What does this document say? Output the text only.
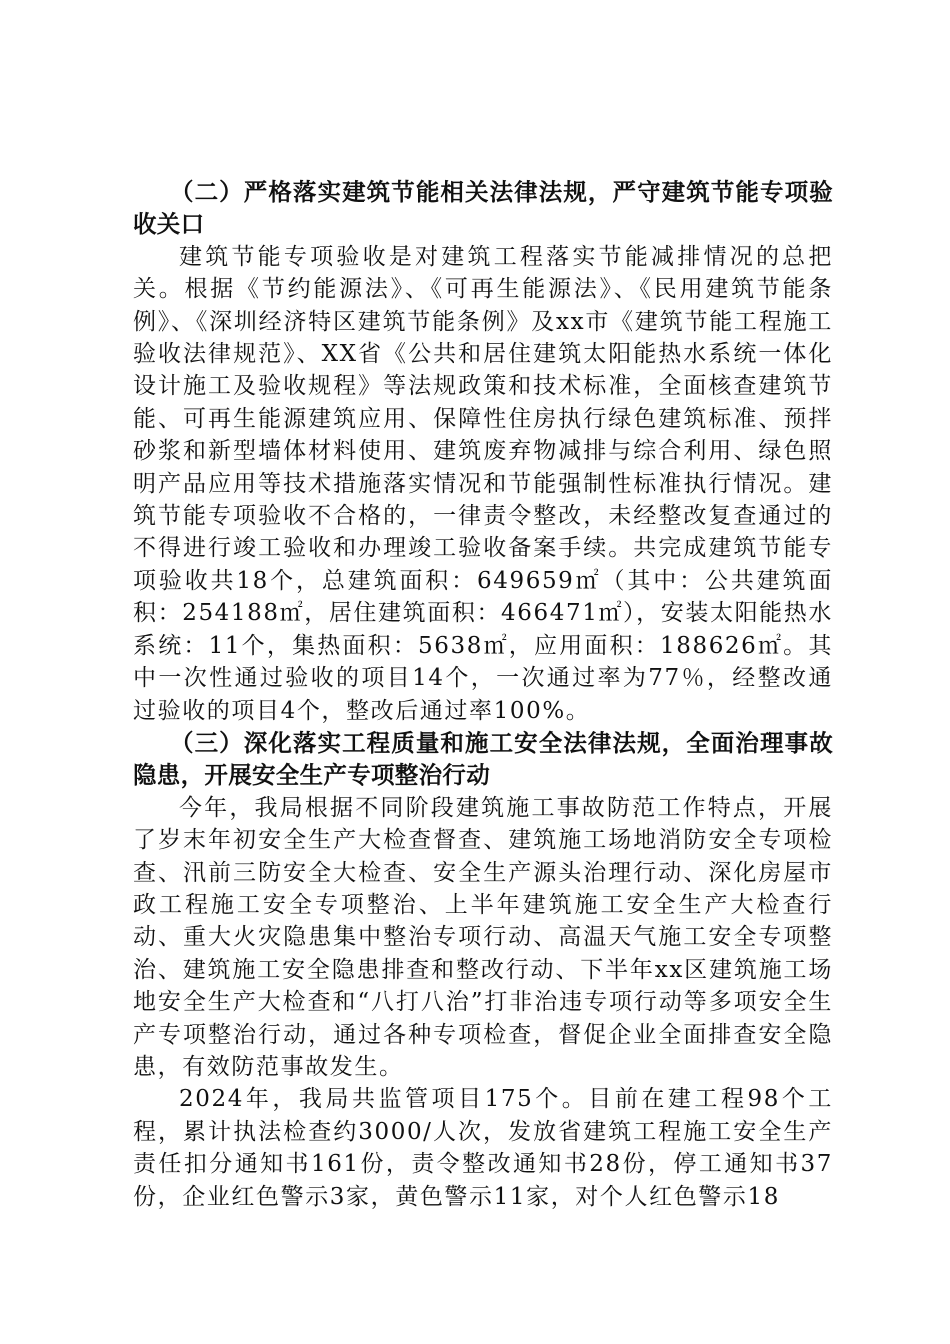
（二）严格落实建筑节能相关法律法规，严守建筑节能专项验收关口

建筑节能专项验收是对建筑工程落实节能减排情况的总把关。根据《节约能源法》、《可再生能源法》、《民用建筑节能条例》、《深圳经济特区建筑节能条例》及xx市《建筑节能工程施工验收法律规范》、XX省《公共和居住建筑太阳能热水系统一体化设计施工及验收规程》等法规政策和技术标准，全面核查建筑节能、可再生能源建筑应用、保障性住房执行绿色建筑标准、预拌砂浆和新型墙体材料使用、建筑废弃物减排与综合利用、绿色照明产品应用等技术措施落实情况和节能强制性标准执行情况。建筑节能专项验收不合格的，一律责令整改，未经整改复查通过的不得进行竣工验收和办理竣工验收备案手续。共完成建筑节能专项验收共18个，总建筑面积：649659㎡（其中：公共建筑面积：254188㎡，居住建筑面积：466471㎡），安装太阳能热水系统：11个，集热面积：5638㎡，应用面积：188626㎡。其中一次性通过验收的项目14个，一次通过率为77％，经整改通过验收的项目4个，整改后通过率100%。

（三）深化落实工程质量和施工安全法律法规，全面治理事故隐患，开展安全生产专项整治行动

今年，我局根据不同阶段建筑施工事故防范工作特点，开展了岁末年初安全生产大检查督查、建筑施工场地消防安全专项检查、汛前三防安全大检查、安全生产源头治理行动、深化房屋市政工程施工安全专项整治、上半年建筑施工安全生产大检查行动、重大火灾隐患集中整治专项行动、高温天气施工安全专项整治、建筑施工安全隐患排查和整改行动、下半年xx区建筑施工场地安全生产大检查和“八打八治”打非治违专项行动等多项安全生产专项整治行动，通过各种专项检查，督促企业全面排查安全隐患，有效防范事故发生。

2024年，我局共监管项目175个。目前在建工程98个工程，累计执法检查约3000/人次，发放省建筑工程施工安全生产责任扣分通知书161份，责令整改通知书28份，停工通知书37份，企业红色警示3家，黄色警示11家，对个人红色警示18
